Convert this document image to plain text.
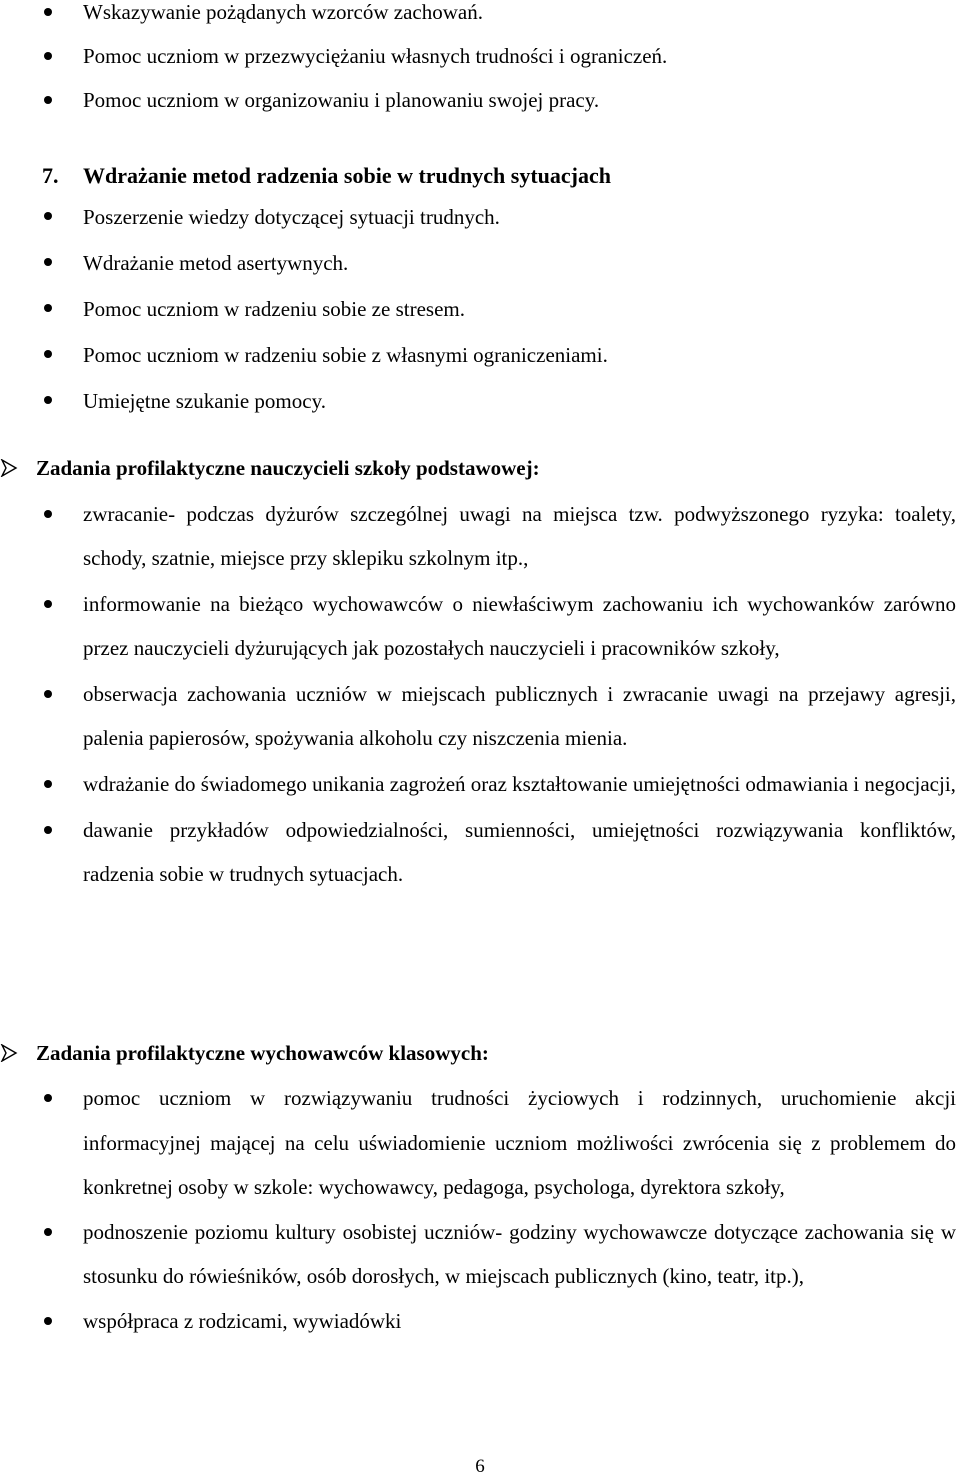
Wskazywanie pożądanych wzorców zachowań.
Pomoc uczniom w przezwyciężaniu własnych trudności i ograniczeń.
Pomoc uczniom w organizowaniu i planowaniu swojej pracy.
7. Wdrażanie metod radzenia sobie w trudnych sytuacjach
Poszerzenie wiedzy dotyczącej sytuacji trudnych.
Wdrażanie metod asertywnych.
Pomoc uczniom w radzeniu sobie ze stresem.
Pomoc uczniom w radzeniu sobie z własnymi ograniczeniami.
Umiejętne szukanie pomocy.
Zadania profilaktyczne nauczycieli szkoły podstawowej:
zwracanie- podczas dyżurów szczególnej uwagi na miejsca tzw. podwyższonego ryzyka: toalety, schody, szatnie, miejsce przy sklepiku szkolnym itp.,
informowanie na bieżąco wychowawców o niewłaściwym zachowaniu ich wychowanków zarówno przez nauczycieli dyżurujących jak pozostałych nauczycieli i pracowników szkoły,
obserwacja zachowania uczniów w miejscach publicznych i zwracanie uwagi na przejawy agresji, palenia papierosów, spożywania alkoholu czy niszczenia mienia.
wdrażanie do świadomego unikania zagrożeń oraz kształtowanie umiejętności odmawiania i negocjacji,
dawanie przykładów odpowiedzialności, sumienności, umiejętności rozwiązywania konfliktów, radzenia sobie w trudnych sytuacjach.
Zadania profilaktyczne wychowawców klasowych:
pomoc uczniom w rozwiązywaniu trudności życiowych i rodzinnych, uruchomienie akcji informacyjnej mającej na celu uświadomienie uczniom możliwości zwrócenia się z problemem do konkretnej osoby w szkole: wychowawcy, pedagoga, psychologa, dyrektora szkoły,
podnoszenie poziomu kultury osobistej uczniów- godziny wychowawcze dotyczące zachowania się w stosunku do rówieśników, osób dorosłych, w miejscach publicznych (kino, teatr, itp.),
współpraca z rodzicami, wywiadówki
6
